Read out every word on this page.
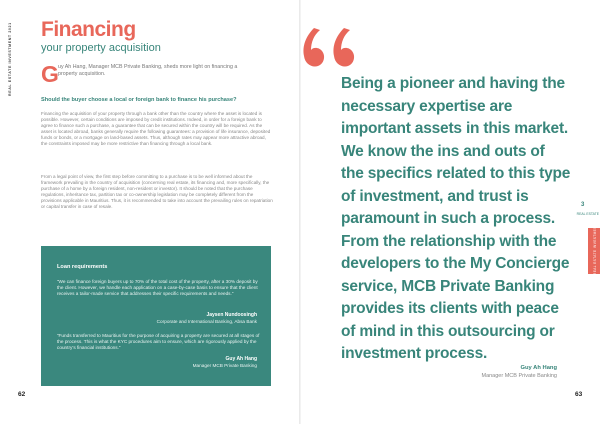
REAL ESTATE INVESTMENT 2021 Financing
your property acquisition
G uy Ah Hang, Manager MCB Private Banking, sheds more light on financing a property acquisition.
Should the buyer choose a local or foreign bank to finance his purchase?
Financing the acquisition of your property through a bank other than the country where the asset is located is possible. However, certain conditions are imposed by credit institutions. Indeed, in order for a foreign bank to agree to finance such a purchase, a guarantee that can be secured within the country will be required. As the asset is located abroad, banks generally require the following guarantees: a provision of life insurance, deposited funds or bonds, or a mortgage on land-based assets. Thus, although rates may appear more attractive abroad, the constraints imposed may be more restrictive than financing through a local bank.
From a legal point of view, the first step before committing to a purchase is to be well informed about the framework prevailing in the country of acquisition (concerning real estate, its financing and, more specifically, the purchase of a home by a foreign resident, non-resident or investor). It should be noted that the purchase regulations, inheritance tax, partition tax or co-ownership legislation may be completely different from the provisions applicable in Mauritius. Thus, it is recommended to take into account the prevailing rules on repatriation or capital transfer in case of resale.
Loan requirements
“We can finance foreign buyers up to 70% of the total cost of the property, after a 30% deposit by the client. However, we handle each application on a case-by-case basis to ensure that the client receives a tailor-made service that addresses their specific requirements and needs.”
Jaysen Nundoosingh
Corporate and International Banking, Absa Bank
“Funds transferred to Mauritius for the purpose of acquiring a property are secured at all stages of the process. This is what the KYC procedures aim to ensure, which are rigorously applied by the country’s financial institutions.”
Guy Ah Hang
Manager MCB Private Banking
62
Being a pioneer and having the necessary expertise are important assets in this market. We know the ins and outs of the specifics related to this type of investment, and trust is paramount in such a process. From the relationship with the developers to the My Concierge service, MCB Private Banking provides its clients with peace of mind in this outsourcing or investment process.
Guy Ah Hang
Manager MCB Private Banking
3
REAL ESTATE
REAL ESTATE INVESTMENT
63
